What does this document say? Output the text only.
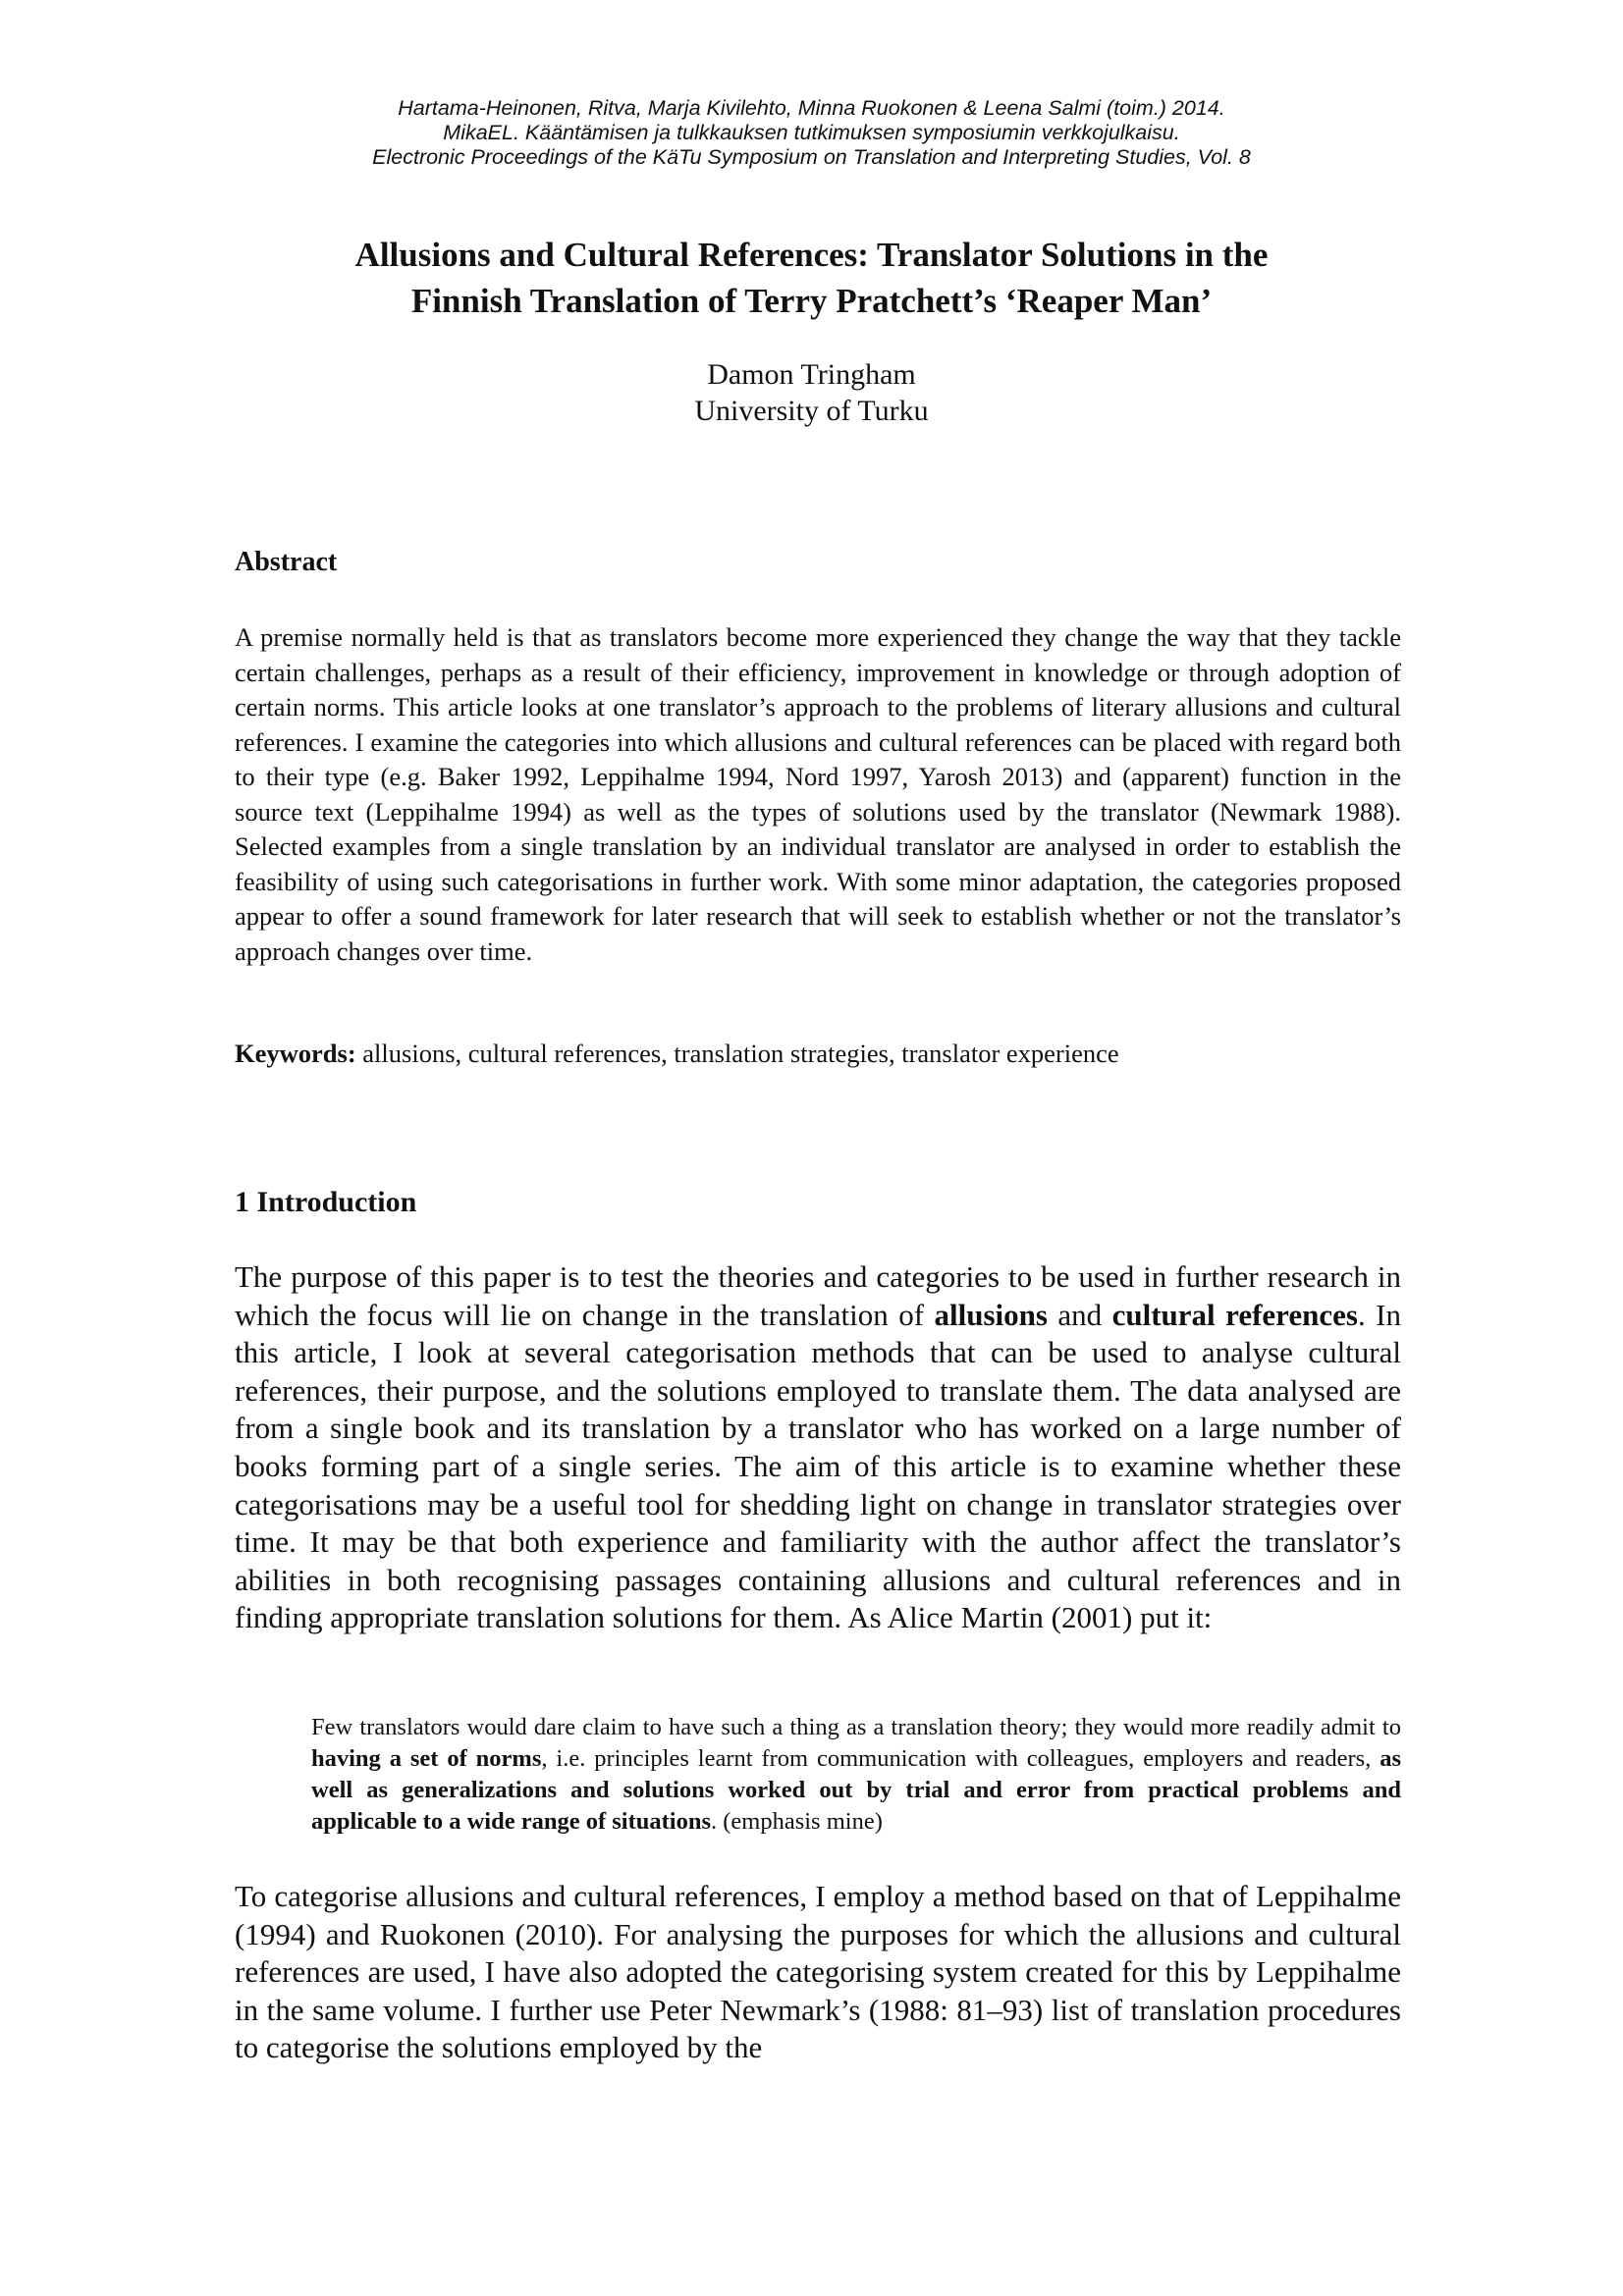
Hartama-Heinonen, Ritva, Marja Kivilehto, Minna Ruokonen & Leena Salmi (toim.) 2014.
MikaEL. Kääntämisen ja tulkkauksen tutkimuksen symposiumin verkkojulkaisu.
Electronic Proceedings of the KäTu Symposium on Translation and Interpreting Studies, Vol. 8
Allusions and Cultural References: Translator Solutions in the
Finnish Translation of Terry Pratchett’s ‘Reaper Man’
Damon Tringham
University of Turku
Abstract

A premise normally held is that as translators become more experienced they change the way that they tackle certain challenges, perhaps as a result of their efficiency, improvement in knowledge or through adoption of certain norms. This article looks at one translator’s approach to the problems of literary allusions and cultural references. I examine the categories into which allusions and cultural references can be placed with regard both to their type (e.g. Baker 1992, Leppihalme 1994, Nord 1997, Yarosh 2013) and (apparent) function in the source text (Leppihalme 1994) as well as the types of solutions used by the translator (Newmark 1988). Selected examples from a single translation by an individual translator are analysed in order to establish the feasibility of using such categorisations in further work. With some minor adaptation, the categories proposed appear to offer a sound framework for later research that will seek to establish whether or not the translator’s approach changes over time.

Keywords: allusions, cultural references, translation strategies, translator experience

1 Introduction

The purpose of this paper is to test the theories and categories to be used in further research in which the focus will lie on change in the translation of allusions and cultural references. In this article, I look at several categorisation methods that can be used to analyse cultural references, their purpose, and the solutions employed to translate them. The data analysed are from a single book and its translation by a translator who has worked on a large number of books forming part of a single series. The aim of this article is to examine whether these categorisations may be a useful tool for shedding light on change in translator strategies over time. It may be that both experience and familiarity with the author affect the translator’s abilities in both recognising passages containing allusions and cultural references and in finding appropriate translation solutions for them. As Alice Martin (2001) put it:

Few translators would dare claim to have such a thing as a translation theory; they would more readily admit to having a set of norms, i.e. principles learnt from communication with colleagues, employers and readers, as well as generalizations and solutions worked out by trial and error from practical problems and applicable to a wide range of situations. (emphasis mine)

To categorise allusions and cultural references, I employ a method based on that of Leppihalme (1994) and Ruokonen (2010). For analysing the purposes for which the allusions and cultural references are used, I have also adopted the categorising system created for this by Leppihalme in the same volume. I further use Peter Newmark’s (1988: 81–93) list of translation procedures to categorise the solutions employed by the
